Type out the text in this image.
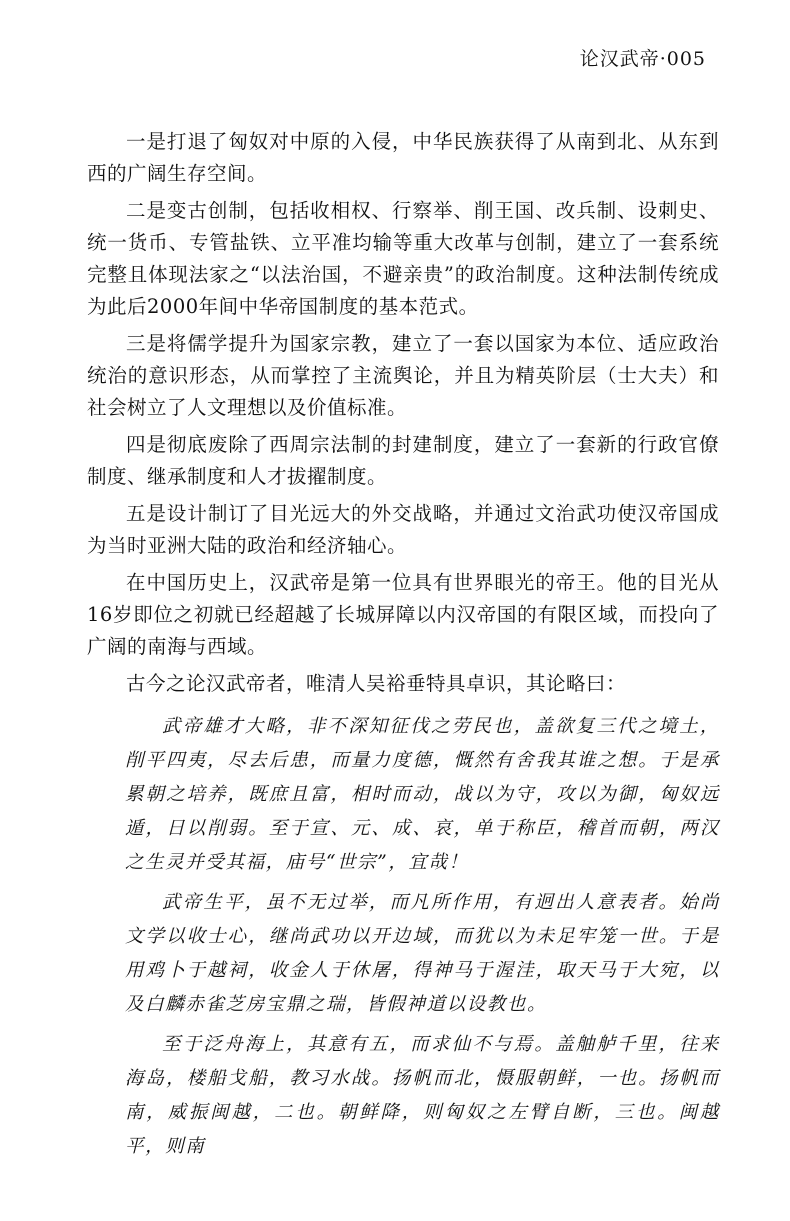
论汉武帝·005

一是打退了匈奴对中原的入侵，中华民族获得了从南到北、从东到西的广阔生存空间。

二是变古创制，包括收相权、行察举、削王国、改兵制、设刺史、统一货币、专管盐铁、立平准均输等重大改革与创制，建立了一套系统完整且体现法家之“以法治国，不避亲贵”的政治制度。这种法制传统成为此后2000年间中华帝国制度的基本范式。

三是将儒学提升为国家宗教，建立了一套以国家为本位、适应政治统治的意识形态，从而掌控了主流舆论，并且为精英阶层（士大夫）和社会树立了人文理想以及价值标准。

四是彻底废除了西周宗法制的封建制度，建立了一套新的行政官僚制度、继承制度和人才拔擢制度。

五是设计制订了目光远大的外交战略，并通过文治武功使汉帝国成为当时亚洲大陆的政治和经济轴心。

在中国历史上，汉武帝是第一位具有世界眼光的帝王。他的目光从16岁即位之初就已经超越了长城屏障以内汉帝国的有限区域，而投向了广阔的南海与西域。

古今之论汉武帝者，唯清人吴裕垂特具卓识，其论略曰：

武帝雄才大略，非不深知征伐之劳民也，盖欲复三代之境土，削平四夷，尽去后患，而量力度德，慨然有舍我其谁之想。于是承累朝之培养，既庶且富，相时而动，战以为守，攻以为御，匈奴远遁，日以削弱。至于宣、元、成、哀，单于称臣，稽首而朝，两汉之生灵并受其福，庙号“世宗”，宜哉！

武帝生平，虽不无过举，而凡所作用，有迥出人意表者。始尚文学以收士心，继尚武功以开边域，而犹以为未足牢笼一世。于是用鸡卜于越祠，收金人于休屠，得神马于渥洼，取天马于大宛，以及白麟赤雀芝房宝鼎之瑞，皆假神道以设教也。

至于泛舟海上，其意有五，而求仙不与焉。盖舳舻千里，往来海岛，楼船戈船，教习水战。扬帆而北，慑服朝鲜，一也。扬帆而南，威振闽越，二也。朝鲜降，则匈奴之左臂自断，三也。闽越平，则南
